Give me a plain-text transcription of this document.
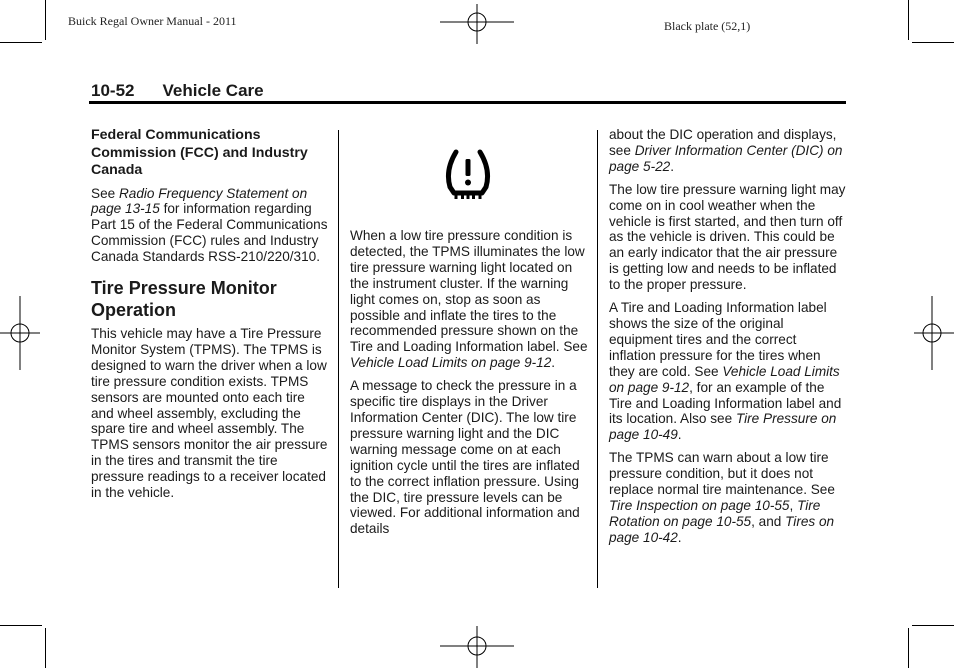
Buick Regal Owner Manual - 2011	Black plate (52,1)
10-52 Vehicle Care
Federal Communications Commission (FCC) and Industry Canada

See Radio Frequency Statement on page 13-15 for information regarding Part 15 of the Federal Communications Commission (FCC) rules and Industry Canada Standards RSS-210/220/310.

Tire Pressure Monitor Operation

This vehicle may have a Tire Pressure Monitor System (TPMS). The TPMS is designed to warn the driver when a low tire pressure condition exists. TPMS sensors are mounted onto each tire and wheel assembly, excluding the spare tire and wheel assembly. The TPMS sensors monitor the air pressure in the tires and transmit the tire pressure readings to a receiver located in the vehicle.

When a low tire pressure condition is detected, the TPMS illuminates the low tire pressure warning light located on the instrument cluster. If the warning light comes on, stop as soon as possible and inflate the tires to the recommended pressure shown on the Tire and Loading Information label. See Vehicle Load Limits on page 9-12.

A message to check the pressure in a specific tire displays in the Driver Information Center (DIC). The low tire pressure warning light and the DIC warning message come on at each ignition cycle until the tires are inflated to the correct inflation pressure. Using the DIC, tire pressure levels can be viewed. For additional information and details

about the DIC operation and displays, see Driver Information Center (DIC) on page 5-22.

The low tire pressure warning light may come on in cool weather when the vehicle is first started, and then turn off as the vehicle is driven. This could be an early indicator that the air pressure is getting low and needs to be inflated to the proper pressure.

A Tire and Loading Information label shows the size of the original equipment tires and the correct inflation pressure for the tires when they are cold. See Vehicle Load Limits on page 9-12, for an example of the Tire and Loading Information label and its location. Also see Tire Pressure on page 10-49.

The TPMS can warn about a low tire pressure condition, but it does not replace normal tire maintenance. See Tire Inspection on page 10-55, Tire Rotation on page 10-55, and Tires on page 10-42.
